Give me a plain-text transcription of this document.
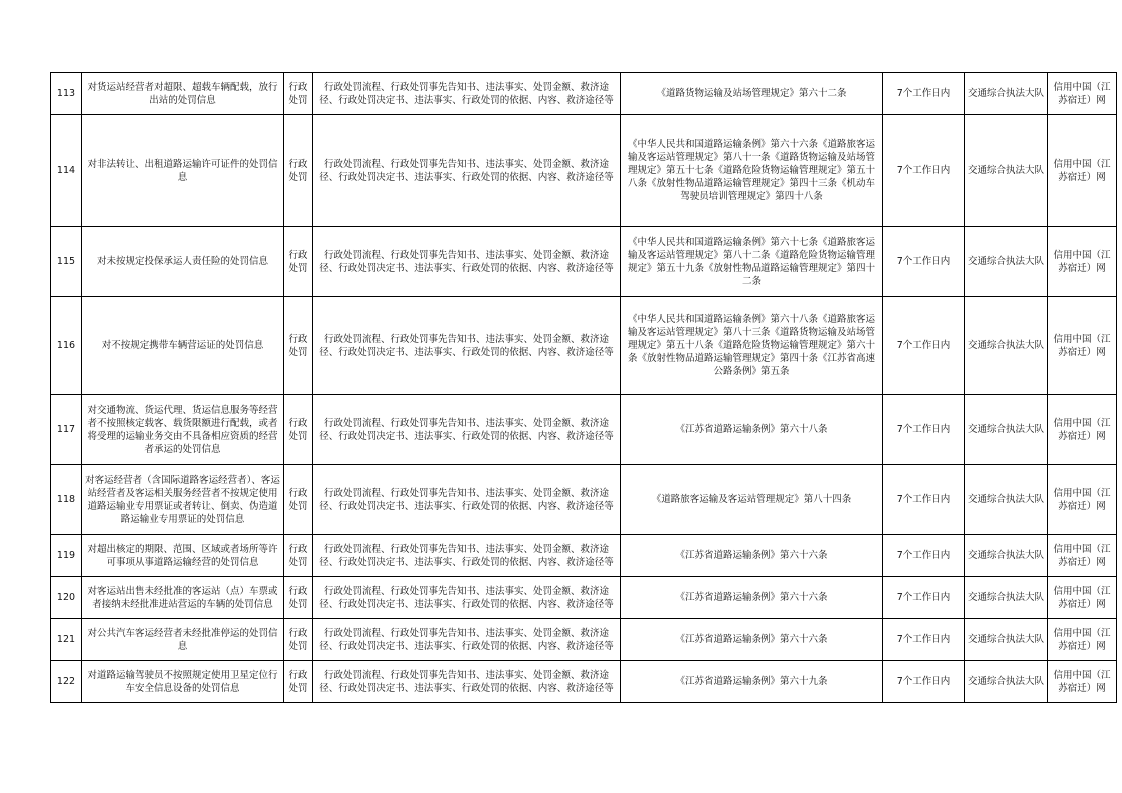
113	对货运站经营者对超限、超载车辆配载，放行出站的处罚信息	行政处罚	行政处罚流程、行政处罚事先告知书、违法事实、处罚金额、救济途径、行政处罚决定书、违法事实、行政处罚的依据、内容、救济途径等	《道路货物运输及站场管理规定》第六十二条	7个工作日内	交通综合执法大队	信用中国（江苏宿迁）网
114	对非法转让、出租道路运输许可证件的处罚信息	行政处罚	行政处罚流程、行政处罚事先告知书、违法事实、处罚金额、救济途径、行政处罚决定书、违法事实、行政处罚的依据、内容、救济途径等	《中华人民共和国道路运输条例》第六十六条《道路旅客运输及客运站管理规定》第八十一条《道路货物运输及站场管理规定》第五十七条《道路危险货物运输管理规定》第五十八条《放射性物品道路运输管理规定》第四十三条《机动车驾驶员培训管理规定》第四十八条	7个工作日内	交通综合执法大队	信用中国（江苏宿迁）网
115	对未按规定投保承运人责任险的处罚信息	行政处罚	行政处罚流程、行政处罚事先告知书、违法事实、处罚金额、救济途径、行政处罚决定书、违法事实、行政处罚的依据、内容、救济途径等	《中华人民共和国道路运输条例》第六十七条《道路旅客运输及客运站管理规定》第八十二条《道路危险货物运输管理规定》第五十九条《放射性物品道路运输管理规定》第四十二条	7个工作日内	交通综合执法大队	信用中国（江苏宿迁）网
116	对不按规定携带车辆营运证的处罚信息	行政处罚	行政处罚流程、行政处罚事先告知书、违法事实、处罚金额、救济途径、行政处罚决定书、违法事实、行政处罚的依据、内容、救济途径等	《中华人民共和国道路运输条例》第六十八条《道路旅客运输及客运站管理规定》第八十三条《道路货物运输及站场管理规定》第五十八条《道路危险货物运输管理规定》第六十条《放射性物品道路运输管理规定》第四十条《江苏省高速公路条例》第五条	7个工作日内	交通综合执法大队	信用中国（江苏宿迁）网
117	对交通物流、货运代理、货运信息服务等经营者不按照核定载客、载货限额进行配载，或者将受理的运输业务交由不具备相应资质的经营者承运的处罚信息	行政处罚	行政处罚流程、行政处罚事先告知书、违法事实、处罚金额、救济途径、行政处罚决定书、违法事实、行政处罚的依据、内容、救济途径等	《江苏省道路运输条例》第六十八条	7个工作日内	交通综合执法大队	信用中国（江苏宿迁）网
118	对客运经营者（含国际道路客运经营者）、客运站经营者及客运相关服务经营者不按规定使用道路运输业专用票证或者转让、倒卖、伪造道路运输业专用票证的处罚信息	行政处罚	行政处罚流程、行政处罚事先告知书、违法事实、处罚金额、救济途径、行政处罚决定书、违法事实、行政处罚的依据、内容、救济途径等	《道路旅客运输及客运站管理规定》第八十四条	7个工作日内	交通综合执法大队	信用中国（江苏宿迁）网
119	对超出核定的期限、范围、区域或者场所等许可事项从事道路运输经营的处罚信息	行政处罚	行政处罚流程、行政处罚事先告知书、违法事实、处罚金额、救济途径、行政处罚决定书、违法事实、行政处罚的依据、内容、救济途径等	《江苏省道路运输条例》第六十六条	7个工作日内	交通综合执法大队	信用中国（江苏宿迁）网
120	对客运站出售未经批准的客运站（点）车票或者接纳未经批准进站营运的车辆的处罚信息	行政处罚	行政处罚流程、行政处罚事先告知书、违法事实、处罚金额、救济途径、行政处罚决定书、违法事实、行政处罚的依据、内容、救济途径等	《江苏省道路运输条例》第六十六条	7个工作日内	交通综合执法大队	信用中国（江苏宿迁）网
121	对公共汽车客运经营者未经批准停运的处罚信息	行政处罚	行政处罚流程、行政处罚事先告知书、违法事实、处罚金额、救济途径、行政处罚决定书、违法事实、行政处罚的依据、内容、救济途径等	《江苏省道路运输条例》第六十六条	7个工作日内	交通综合执法大队	信用中国（江苏宿迁）网
122	对道路运输驾驶员不按照规定使用卫星定位行车安全信息设备的处罚信息	行政处罚	行政处罚流程、行政处罚事先告知书、违法事实、处罚金额、救济途径、行政处罚决定书、违法事实、行政处罚的依据、内容、救济途径等	《江苏省道路运输条例》第六十九条	7个工作日内	交通综合执法大队	信用中国（江苏宿迁）网
